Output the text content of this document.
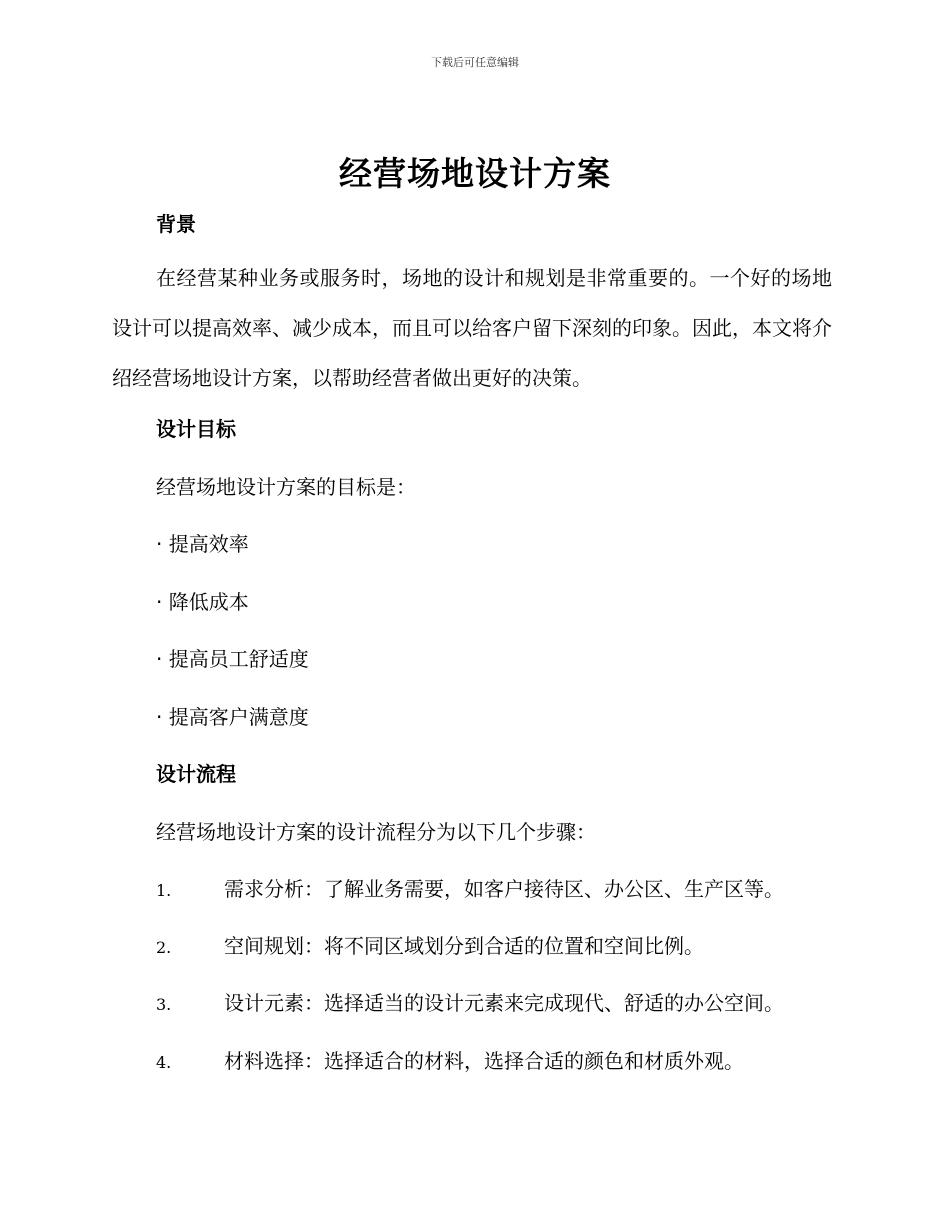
下载后可任意编辑
经营场地设计方案
背景
在经营某种业务或服务时，场地的设计和规划是非常重要的。一个好的场地设计可以提高效率、减少成本，而且可以给客户留下深刻的印象。因此，本文将介绍经营场地设计方案，以帮助经营者做出更好的决策。
设计目标
经营场地设计方案的目标是：
· 提高效率
· 降低成本
· 提高员工舒适度
· 提高客户满意度
设计流程
经营场地设计方案的设计流程分为以下几个步骤：
1.	需求分析：了解业务需要，如客户接待区、办公区、生产区等。
2.	空间规划：将不同区域划分到合适的位置和空间比例。
3.	设计元素：选择适当的设计元素来完成现代、舒适的办公空间。
4.	材料选择：选择适合的材料，选择合适的颜色和材质外观。
